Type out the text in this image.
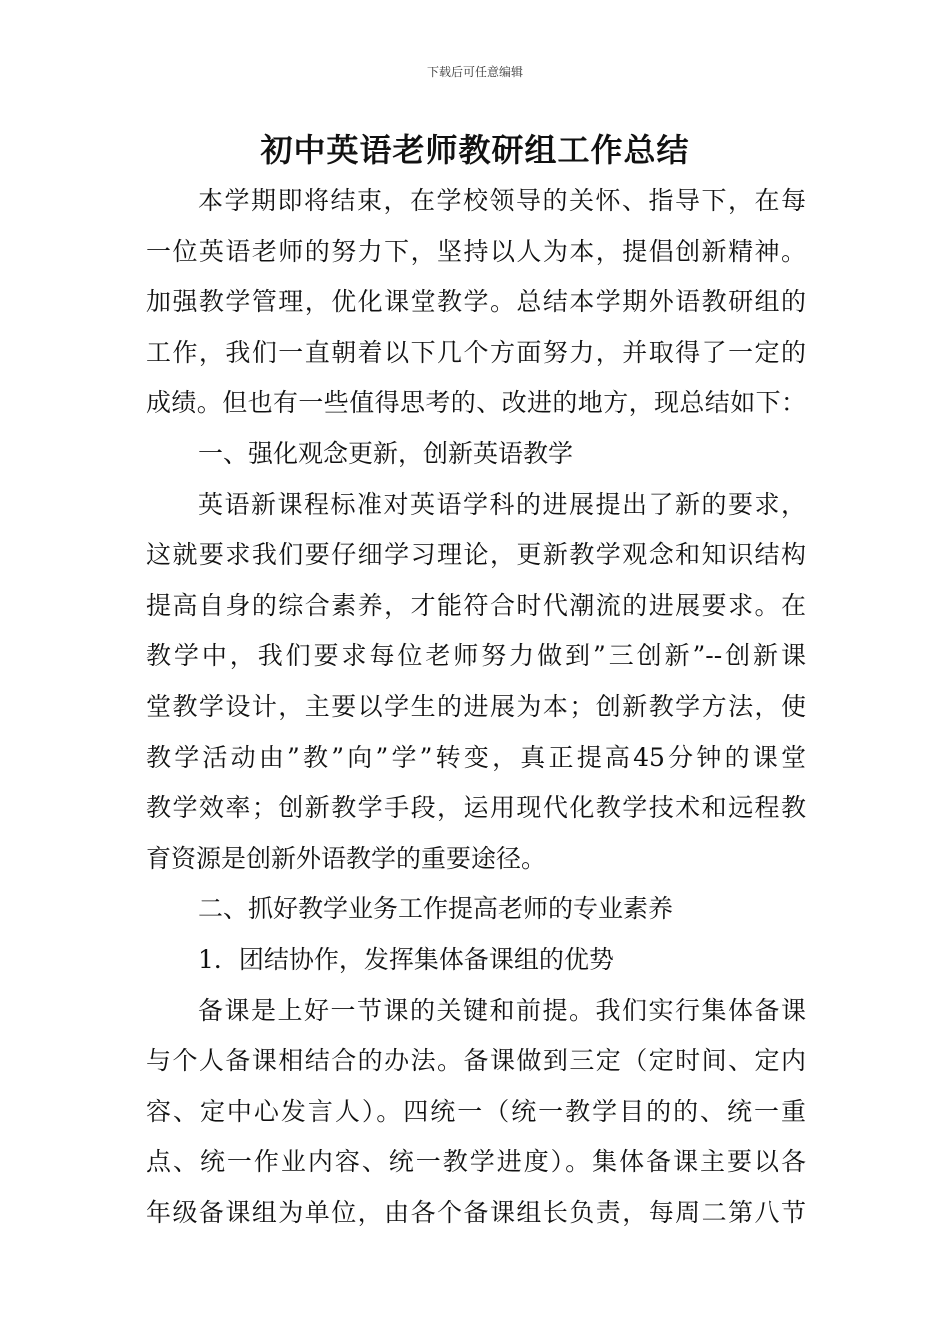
下载后可任意编辑
初中英语老师教研组工作总结
本学期即将结束，在学校领导的关怀、指导下，在每
一位英语老师的努力下，坚持以人为本，提倡创新精神。
加强教学管理，优化课堂教学。总结本学期外语教研组的
工作，我们一直朝着以下几个方面努力，并取得了一定的
成绩。但也有一些值得思考的、改进的地方，现总结如下：
一、强化观念更新，创新英语教学
英语新课程标准对英语学科的进展提出了新的要求，
这就要求我们要仔细学习理论，更新教学观念和知识结构
提高自身的综合素养，才能符合时代潮流的进展要求。在
教学中，我们要求每位老师努力做到”三创新”--创新课
堂教学设计，主要以学生的进展为本；创新教学方法，使
教学活动由”教”向”学”转变，真正提高45分钟的课堂
教学效率；创新教学手段，运用现代化教学技术和远程教
育资源是创新外语教学的重要途径。
二、抓好教学业务工作提高老师的专业素养
1．团结协作，发挥集体备课组的优势
备课是上好一节课的关键和前提。我们实行集体备课
与个人备课相结合的办法。备课做到三定（定时间、定内
容、定中心发言人）。四统一（统一教学目的的、统一重
点、统一作业内容、统一教学进度）。集体备课主要以各
年级备课组为单位，由各个备课组长负责，每周二第八节
